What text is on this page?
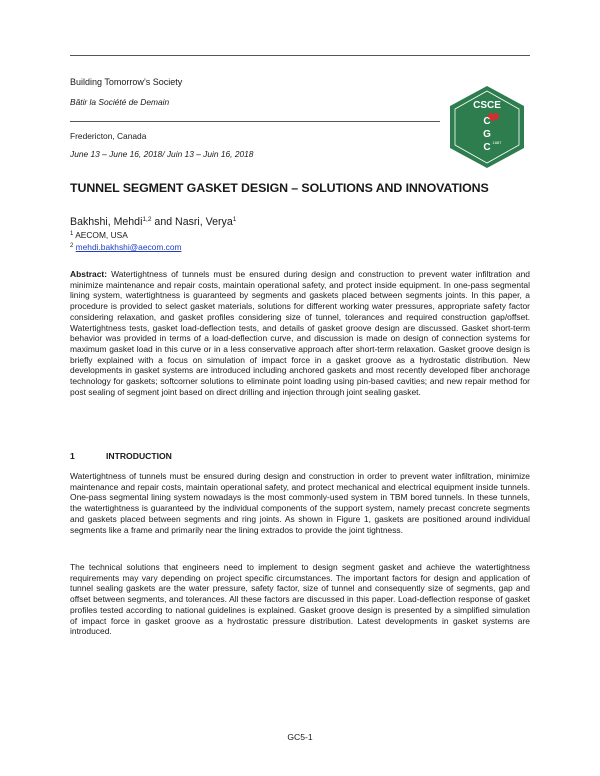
Building Tomorrow’s Society
Bâtir la Société de Demain
Fredericton, Canada
June 13 – June 16, 2018/ Juin 13 – Juin 16, 2018
CSCE
C
G
C 1887
TUNNEL SEGMENT GASKET DESIGN – SOLUTIONS AND INNOVATIONS
Bakhshi, Mehdi$^{1,2}$ and Nasri, Verya$^1$
$^1$ AECOM, USA
$^2$ mehdi.bakhshi@aecom.com
Abstract: Watertightness of tunnels must be ensured during design and construction to prevent water infiltration and minimize maintenance and repair costs, maintain operational safety, and protect inside equipment. In one-pass segmental lining system, watertightness is guaranteed by segments and gaskets placed between segments joints. In this paper, a procedure is provided to select gasket materials, solutions for different working water pressures, appropriate safety factor considering relaxation, and gasket profiles considering size of tunnel, tolerances and required construction gap/offset. Watertightness tests, gasket load-deflection tests, and details of gasket groove design are discussed. Gasket short-term behavior was provided in terms of a load-deflection curve, and discussion is made on design of connection systems for maximum gasket load in this curve or in a less conservative approach after short-term relaxation. Gasket groove design is briefly explained with a focus on simulation of impact force in a gasket groove as a hydrostatic distribution. New developments in gasket systems are introduced including anchored gaskets and most recently developed fiber anchorage technology for gaskets; softcorner solutions to eliminate point loading using pin-based cavities; and new repair method for post sealing of segment joint based on direct drilling and injection through joint sealing gasket.
1	INTRODUCTION
Watertightness of tunnels must be ensured during design and construction in order to prevent water infiltration, minimize maintenance and repair costs, maintain operational safety, and protect mechanical and electrical equipment inside tunnels. One-pass segmental lining system nowadays is the most commonly-used system in TBM bored tunnels. In these tunnels, the watertightness is guaranteed by the individual components of the support system, namely precast concrete segments and gaskets placed between segments and ring joints. As shown in Figure 1, gaskets are positioned around individual segments like a frame and primarily near the lining extrados to provide the joint tightness.
The technical solutions that engineers need to implement to design segment gasket and achieve the watertightness requirements may vary depending on project specific circumstances. The important factors for design and application of tunnel sealing gaskets are the water pressure, safety factor, size of tunnel and consequently size of segments, gap and offset between segments, and tolerances. All these factors are discussed in this paper. Load-deflection response of gasket profiles tested according to national guidelines is explained. Gasket groove design is presented by a simplified simulation of impact force in gasket groove as a hydrostatic pressure distribution. Latest developments in gasket systems are introduced.
GC5-1
